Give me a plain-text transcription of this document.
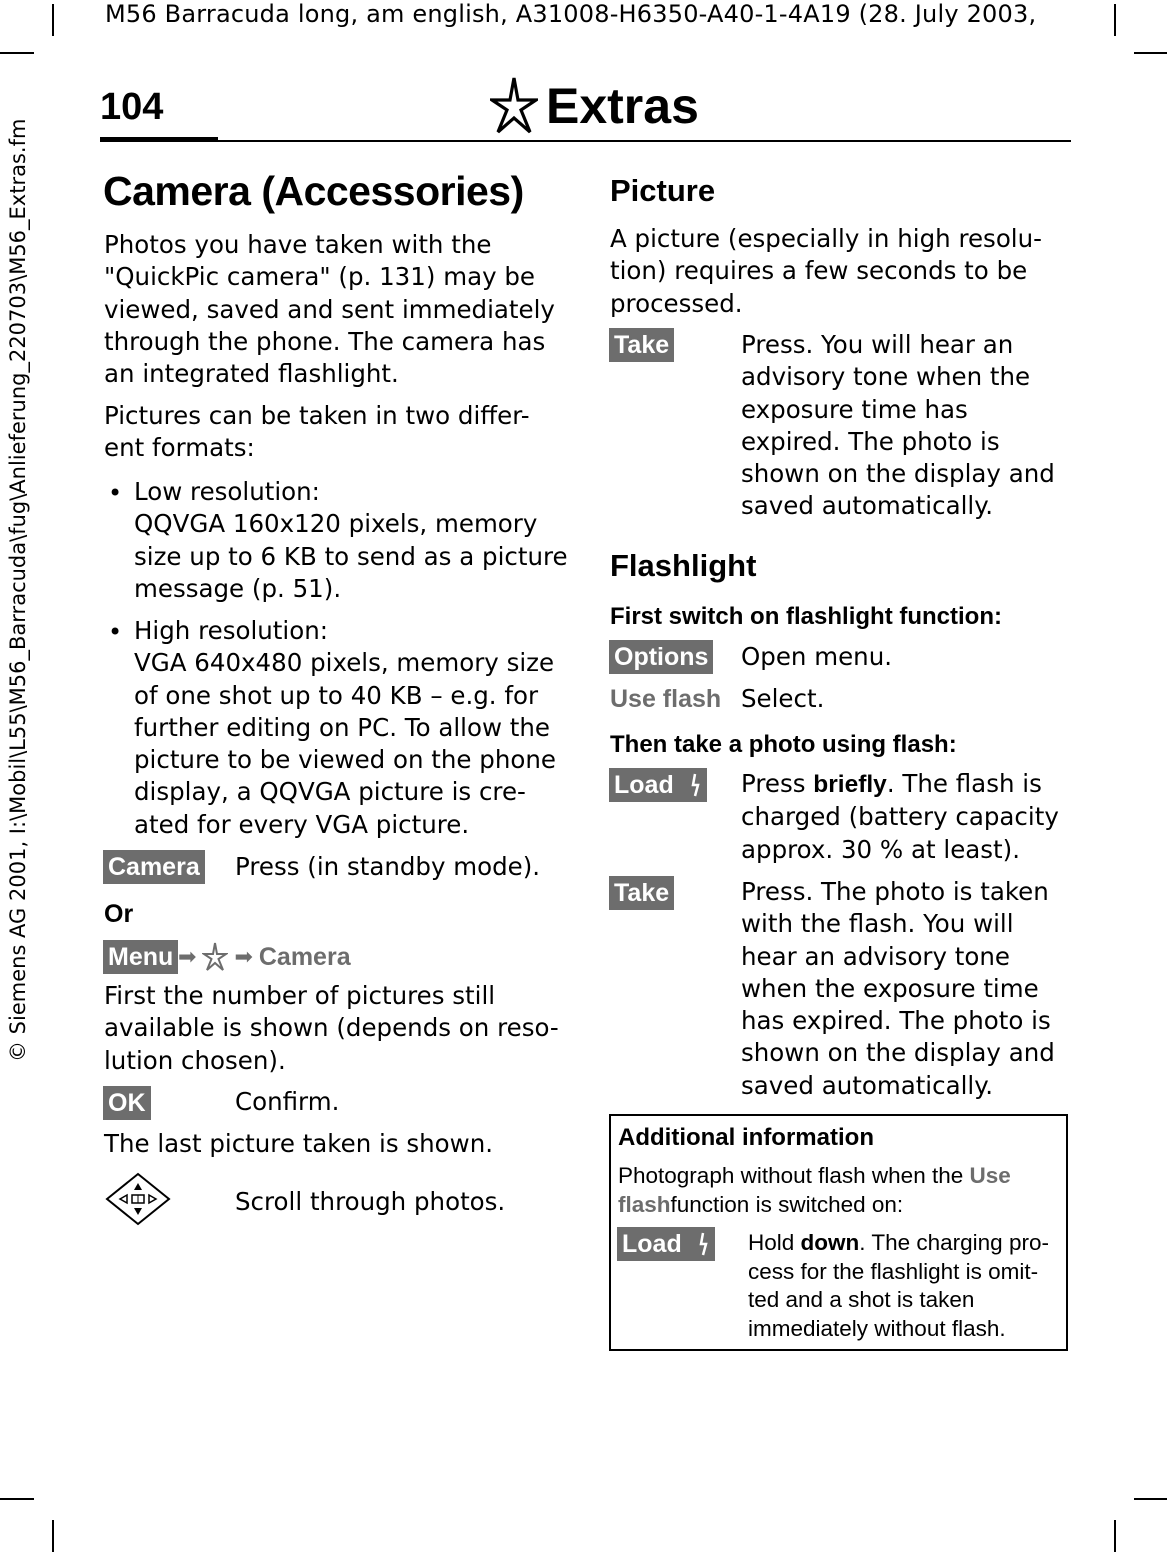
M56 Barracuda long, am english, A31008-H6350-A40-1-4A19 (28. July 2003,
© Siemens AG 2001, I:\Mobil\L55\M56_Barracuda\fug\Anlieferung_220703\M56_Extras.fm
104	Extras
Camera (Accessories)
Photos you have taken with the
"QuickPic camera" (p. 131) may be
viewed, saved and sent immediately
through the phone. The camera has
an integrated flashlight.
Pictures can be taken in two differ-
ent formats:
• Low resolution:
QQVGA 160x120 pixels, memory
size up to 6 KB to send as a picture
message (p. 51).
• High resolution:
VGA 640x480 pixels, memory size
of one shot up to 40 KB – e.g. for
further editing on PC. To allow the
picture to be viewed on the phone
display, a QQVGA picture is cre-
ated for every VGA picture.
Camera Press (in standby mode).
Or
Menu ➡ ➡ Camera
First the number of pictures still
available is shown (depends on reso-
lution chosen).
OK	Confirm.
The last picture taken is shown.
Scroll through photos.
Picture
A picture (especially in high resolu-
tion) requires a few seconds to be
processed.
Take	Press. You will hear an
advisory tone when the
exposure time has
expired. The photo is
shown on the display and
saved automatically.
Flashlight
First switch on flashlight function:
Options Open menu.
Use flash Select.
Then take a photo using flash:
Load	Press briefly. The flash is
charged (battery capacity
approx. 30 % at least).
Take	Press. The photo is taken
with the flash. You will
hear an advisory tone
when the exposure time
has expired. The photo is
shown on the display and
saved automatically.
Additional information
Photograph without flash when the Use
flashfunction is switched on:
Load	Hold down. The charging pro-
cess for the flashlight is omit-
ted and a shot is taken
immediately without flash.
